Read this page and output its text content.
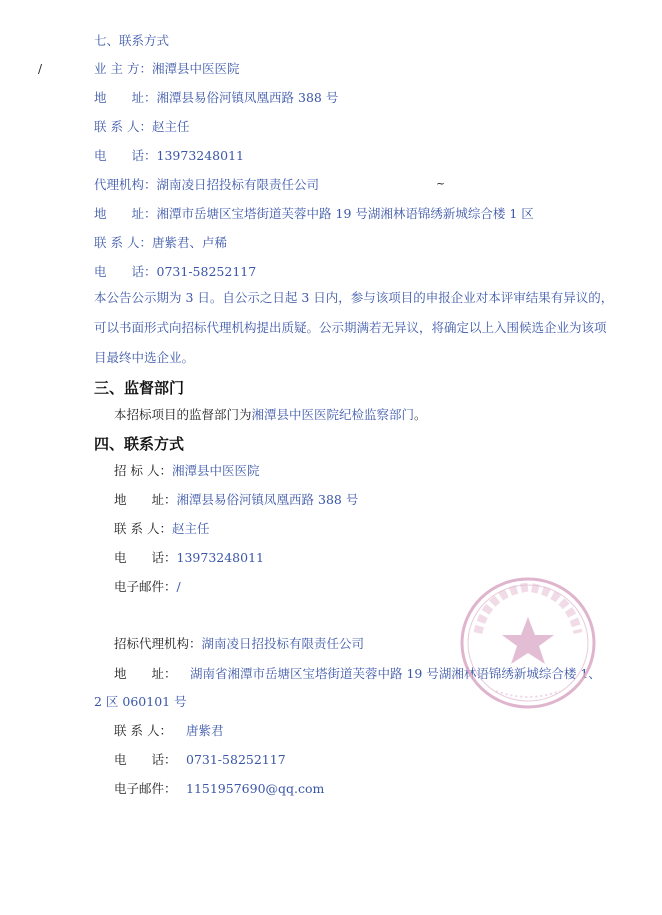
七、联系方式
/	业 主 方：湘潭县中医医院
地　　址：湘潭县易俗河镇凤凰西路 388 号
联 系 人：赵主任
电　　话：13973248011
代理机构：湖南凌日招投标有限责任公司	~
地　　址：湘潭市岳塘区宝塔街道芙蓉中路 19 号湖湘林语锦绣新城综合楼 1 区
联 系 人：唐紫君、卢稀
电　　话：0731-58252117
本公告公示期为 3 日。自公示之日起 3 日内，参与该项目的申报企业对本评审结果有异议的，可以书面形式向招标代理机构提出质疑。公示期满若无异议，将确定以上入围候选企业为该项目最终中选企业。
三、监督部门
本招标项目的监督部门为湘潭县中医医院纪检监察部门。
四、联系方式
招 标 人：湘潭县中医医院
地　　址：湘潭县易俗河镇凤凰西路 388 号
联 系 人：赵主任
电　　话：13973248011
电子邮件：/
招标代理机构：湖南凌日招投标有限责任公司
地　　址： 湖南省湘潭市岳塘区宝塔街道芙蓉中路 19 号湖湘林语锦绣新城综合楼 1、
2 区 060101 号
联 系 人： 唐紫君
电　　话： 0731-58252117
电子邮件： 1151957690@qq.com
